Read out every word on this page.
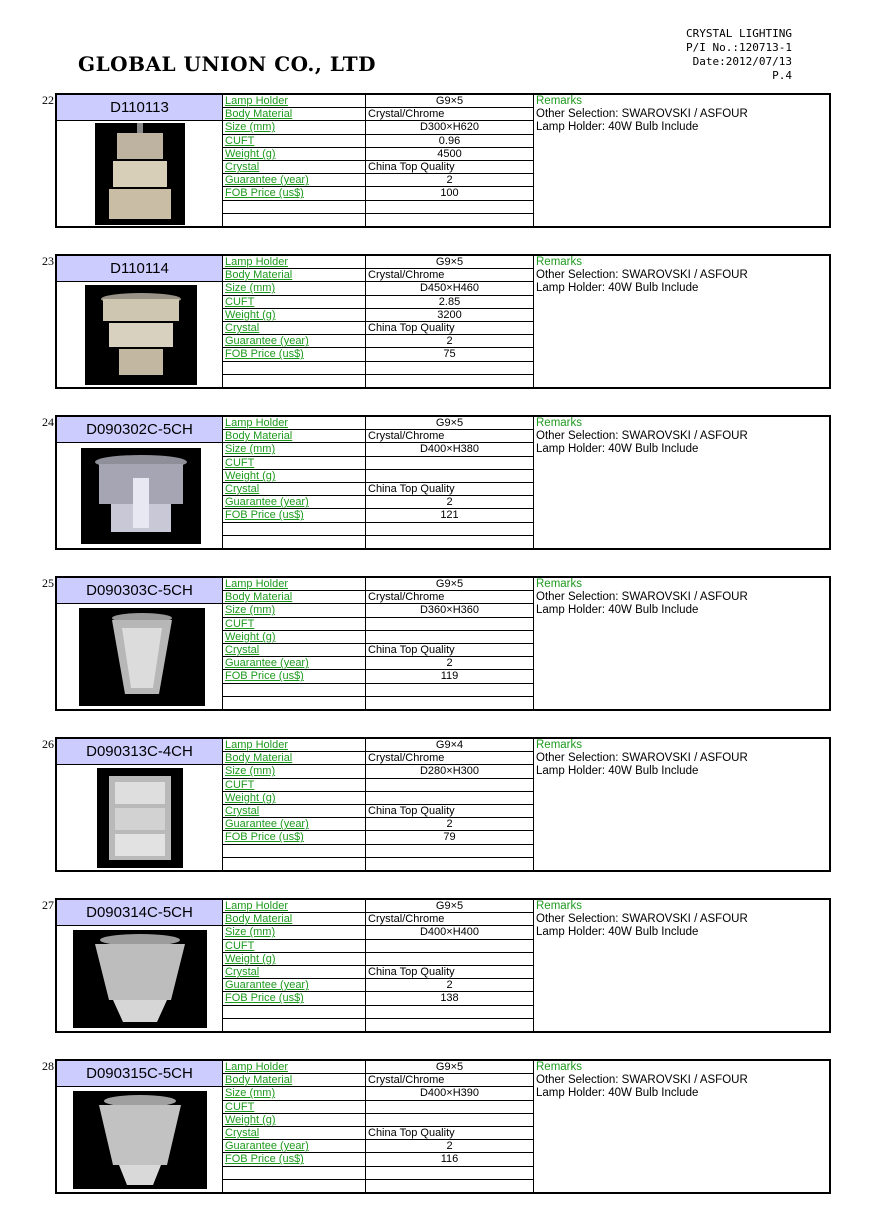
GLOBAL UNION CO., LTD
CRYSTAL LIGHTING
P/I No.:120713-1
Date:2012/07/13
P.4
22	D110113	Lamp Holder	G9×5
Body Material	Crystal/Chrome
Size (mm)	D300×H620
CUFT	0.96
Weight (g)	4500
Crystal	China Top Quality
Guarantee (year)	2
FOB Price (us$)	100

Remarks
Other Selection: SWAROVSKI / ASFOUR
Lamp Holder: 40W Bulb Include
23	D110114	Lamp Holder	G9×5
Body Material	Crystal/Chrome
Size (mm)	D450×H460
CUFT	2.85
Weight (g)	3200
Crystal	China Top Quality
Guarantee (year)	2
FOB Price (us$)	75

Remarks
Other Selection: SWAROVSKI / ASFOUR
Lamp Holder: 40W Bulb Include
24	D090302C-5CH	Lamp Holder	G9×5
Body Material	Crystal/Chrome
Size (mm)	D400×H380
CUFT	
Weight (g)	
Crystal	China Top Quality
Guarantee (year)	2
FOB Price (us$)	121

Remarks
Other Selection: SWAROVSKI / ASFOUR
Lamp Holder: 40W Bulb Include
25	D090303C-5CH	Lamp Holder	G9×5
Body Material	Crystal/Chrome
Size (mm)	D360×H360
CUFT	
Weight (g)	
Crystal	China Top Quality
Guarantee (year)	2
FOB Price (us$)	119

Remarks
Other Selection: SWAROVSKI / ASFOUR
Lamp Holder: 40W Bulb Include
26	D090313C-4CH	Lamp Holder	G9×4
Body Material	Crystal/Chrome
Size (mm)	D280×H300
CUFT	
Weight (g)	
Crystal	China Top Quality
Guarantee (year)	2
FOB Price (us$)	79

Remarks
Other Selection: SWAROVSKI / ASFOUR
Lamp Holder: 40W Bulb Include
27	D090314C-5CH	Lamp Holder	G9×5
Body Material	Crystal/Chrome
Size (mm)	D400×H400
CUFT	
Weight (g)	
Crystal	China Top Quality
Guarantee (year)	2
FOB Price (us$)	138

Remarks
Other Selection: SWAROVSKI / ASFOUR
Lamp Holder: 40W Bulb Include
28	D090315C-5CH	Lamp Holder	G9×5
Body Material	Crystal/Chrome
Size (mm)	D400×H390
CUFT	
Weight (g)	
Crystal	China Top Quality
Guarantee (year)	2
FOB Price (us$)	116

Remarks
Other Selection: SWAROVSKI / ASFOUR
Lamp Holder: 40W Bulb Include
